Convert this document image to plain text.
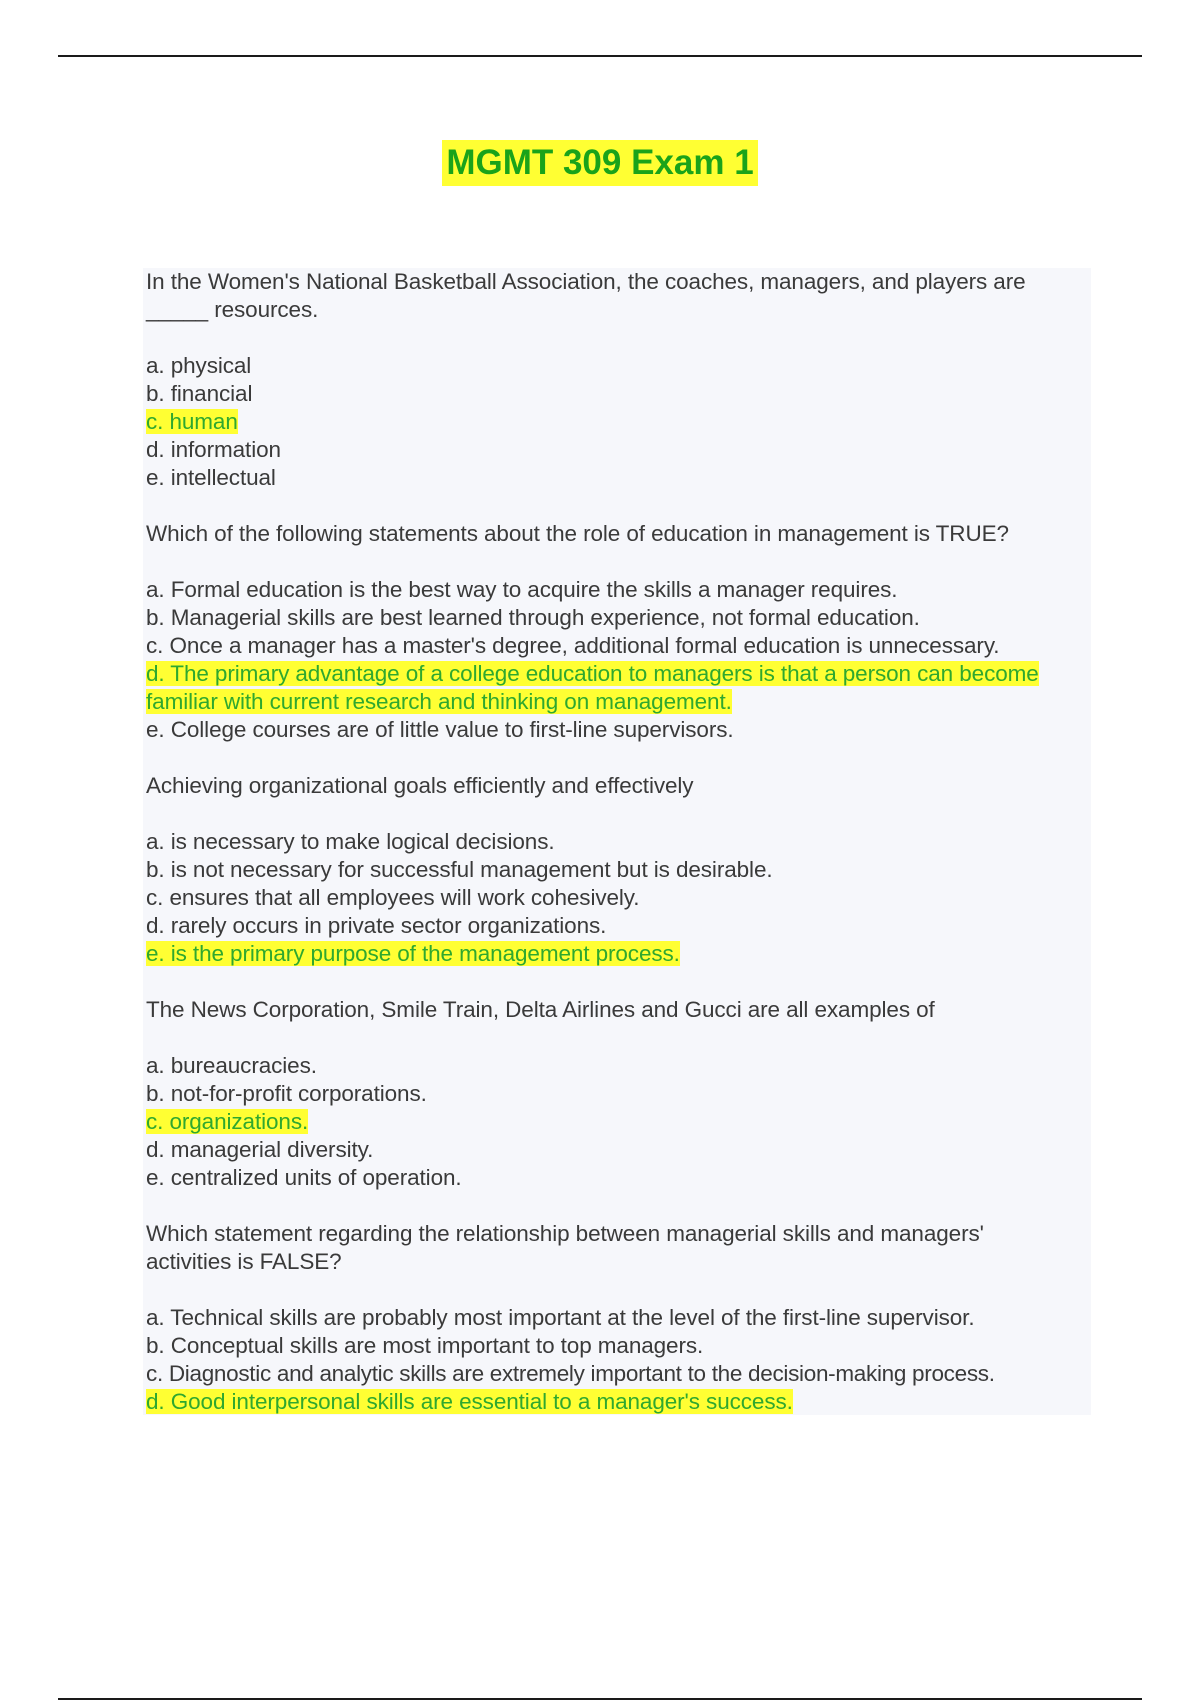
MGMT 309 Exam 1

In the Women's National Basketball Association, the coaches, managers, and players are _____ resources.

a. physical

b. financial

c. human

d. information

e. intellectual

Which of the following statements about the role of education in management is TRUE?

a. Formal education is the best way to acquire the skills a manager requires.

b. Managerial skills are best learned through experience, not formal education.

c. Once a manager has a master's degree, additional formal education is unnecessary.

d. The primary advantage of a college education to managers is that a person can become familiar with current research and thinking on management.

e. College courses are of little value to first-line supervisors.

Achieving organizational goals efficiently and effectively

a. is necessary to make logical decisions.

b. is not necessary for successful management but is desirable.

c. ensures that all employees will work cohesively.

d. rarely occurs in private sector organizations.

e. is the primary purpose of the management process.

The News Corporation, Smile Train, Delta Airlines and Gucci are all examples of

a. bureaucracies.

b. not-for-profit corporations.

c. organizations.

d. managerial diversity.

e. centralized units of operation.

Which statement regarding the relationship between managerial skills and managers' activities is FALSE?

a. Technical skills are probably most important at the level of the first-line supervisor.

b. Conceptual skills are most important to top managers.

c. Diagnostic and analytic skills are extremely important to the decision-making process.

d. Good interpersonal skills are essential to a manager's success.
